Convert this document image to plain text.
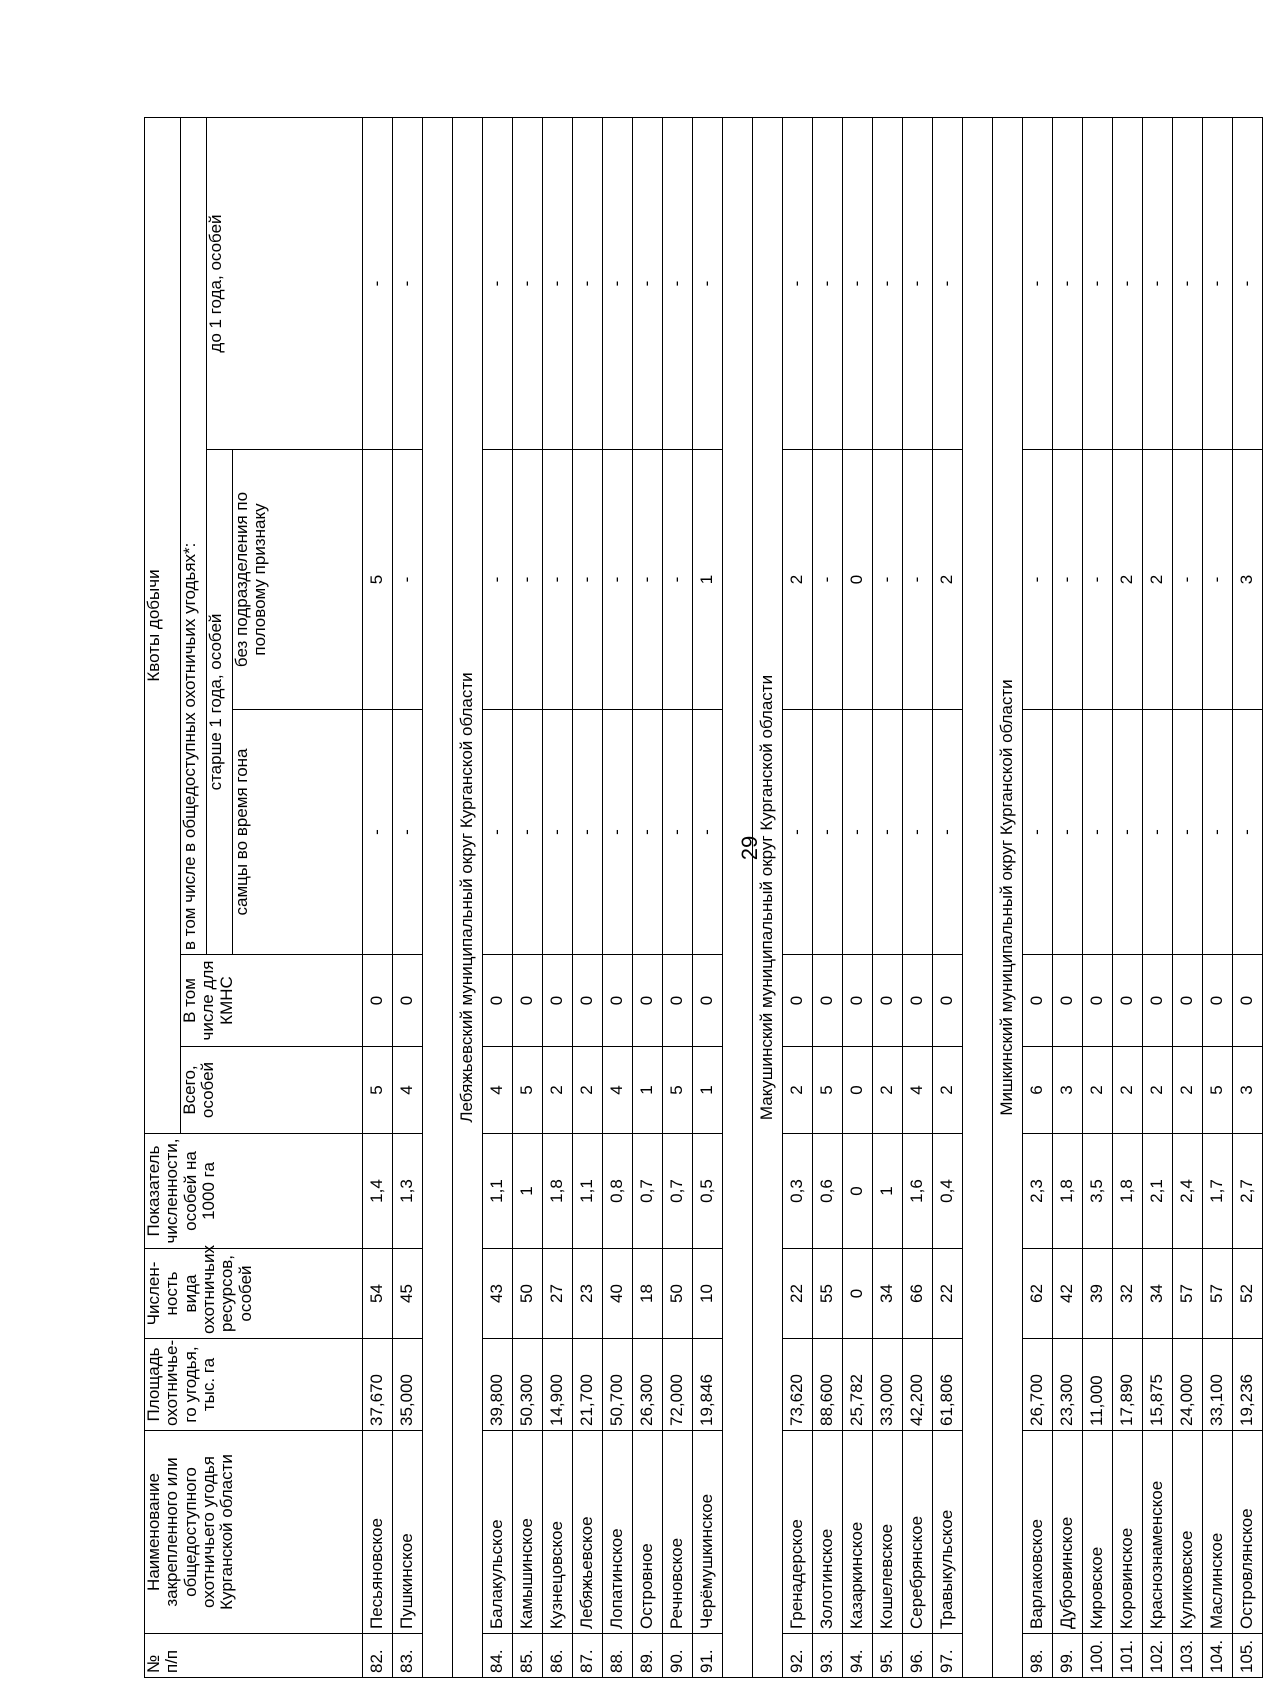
29
№ п/п	Наименование закрепленного или общедоступного охотничьего угодья Курганской области	Площадь охотничье-го угодья, тыс. га	Числен-ность вида охотничьих ресурсов, особей	Показатель численности, особей на 1000 га	Квоты добычи				
					Всего, особей	В том числе для КМНС	в том числе в общедоступных охотничьих угодьях*:		
							старше 1 года, особей		до 1 года, особей
							самцы во время гона	без подразделения по половому признаку	
82.	Песьяновское	37,670	54	1,4	5	0	-	5	-
83.	Пушкинское	35,000	45	1,3	4	0	-	-	-

Лебяжьевский муниципальный округ Курганской области									
84.	Балакульское	39,800	43	1,1	4	0	-	-	-
85.	Камышинское	50,300	50	1	5	0	-	-	-
86.	Кузнецовское	14,900	27	1,8	2	0	-	-	-
87.	Лебяжьевское	21,700	23	1,1	2	0	-	-	-
88.	Лопатинское	50,700	40	0,8	4	0	-	-	-
89.	Островное	26,300	18	0,7	1	0	-	-	-
90.	Речновское	72,000	50	0,7	5	0	-	-	-
91.	Черёмушкинское	19,846	10	0,5	1	0	-	1	-

Макушинский муниципальный округ Курганской области									
92.	Гренадерское	73,620	22	0,3	2	0	-	2	-
93.	Золотинское	88,600	55	0,6	5	0	-	-	-
94.	Казаркинское	25,782	0	0	0	0	-	0	-
95.	Кошелевское	33,000	34	1	2	0	-	-	-
96.	Серебрянское	42,200	66	1,6	4	0	-	-	-
97.	Травыкульское	61,806	22	0,4	2	0	-	2	-

Мишкинский муниципальный округ Курганской области									
98.	Варлаковское	26,700	62	2,3	6	0	-	-	-
99.	Дубровинское	23,300	42	1,8	3	0	-	-	-
100.	Кировское	11,000	39	3,5	2	0	-	-	-
101.	Коровинское	17,890	32	1,8	2	0	-	2	-
102.	Краснознаменское	15,875	34	2,1	2	0	-	2	-
103.	Куликовское	24,000	57	2,4	2	0	-	-	-
104.	Маслинское	33,100	57	1,7	5	0	-	-	-
105.	Островлянское	19,236	52	2,7	3	0	-	3	-
